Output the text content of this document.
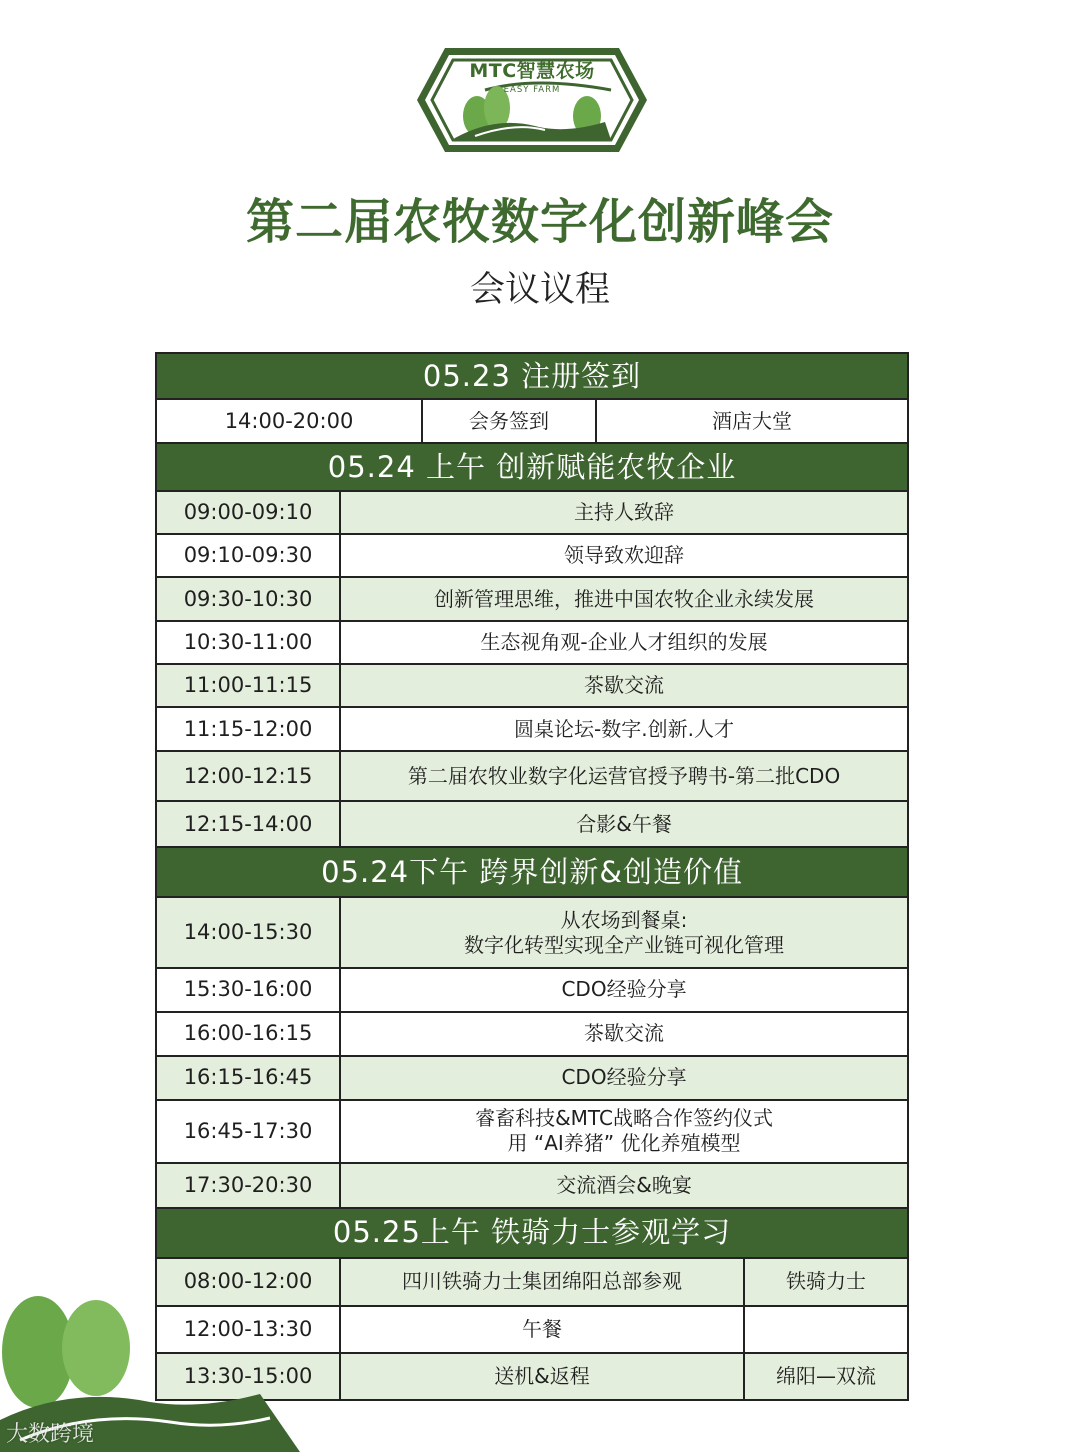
MTC智慧农场
EASY FARM
第二届农牧数字化创新峰会
会议议程
05.23 注册签到				
14:00-20:00		会务签到	酒店大堂	
05.24 上午 创新赋能农牧企业				
09:00-09:10	主持人致辞			
09:10-09:30	领导致欢迎辞			
09:30-10:30	创新管理思维，推进中国农牧企业永续发展			
10:30-11:00	生态视角观-企业人才组织的发展			
11:00-11:15	茶歇交流			
11:15-12:00	圆桌论坛-数字.创新.人才			
12:00-12:15	第二届农牧业数字化运营官授予聘书-第二批CDO			
12:15-14:00	合影&午餐			
05.24下午 跨界创新&创造价值				
14:00-15:30	从农场到餐桌:
数字化转型实现全产业链可视化管理			

15:30-16:00	CDO经验分享			
16:00-16:15	茶歇交流			
16:15-16:45	CDO经验分享			
16:45-17:30	睿畜科技&MTC战略合作签约仪式
用 “AI养猪” 优化养殖模型			

17:30-20:30	交流酒会&晚宴			
05.25上午 铁骑力士参观学习				
08:00-12:00	四川铁骑力士集团绵阳总部参观			铁骑力士
12:00-13:30	午餐			
13:30-15:00	送机&返程			绵阳—双流
大数跨境
